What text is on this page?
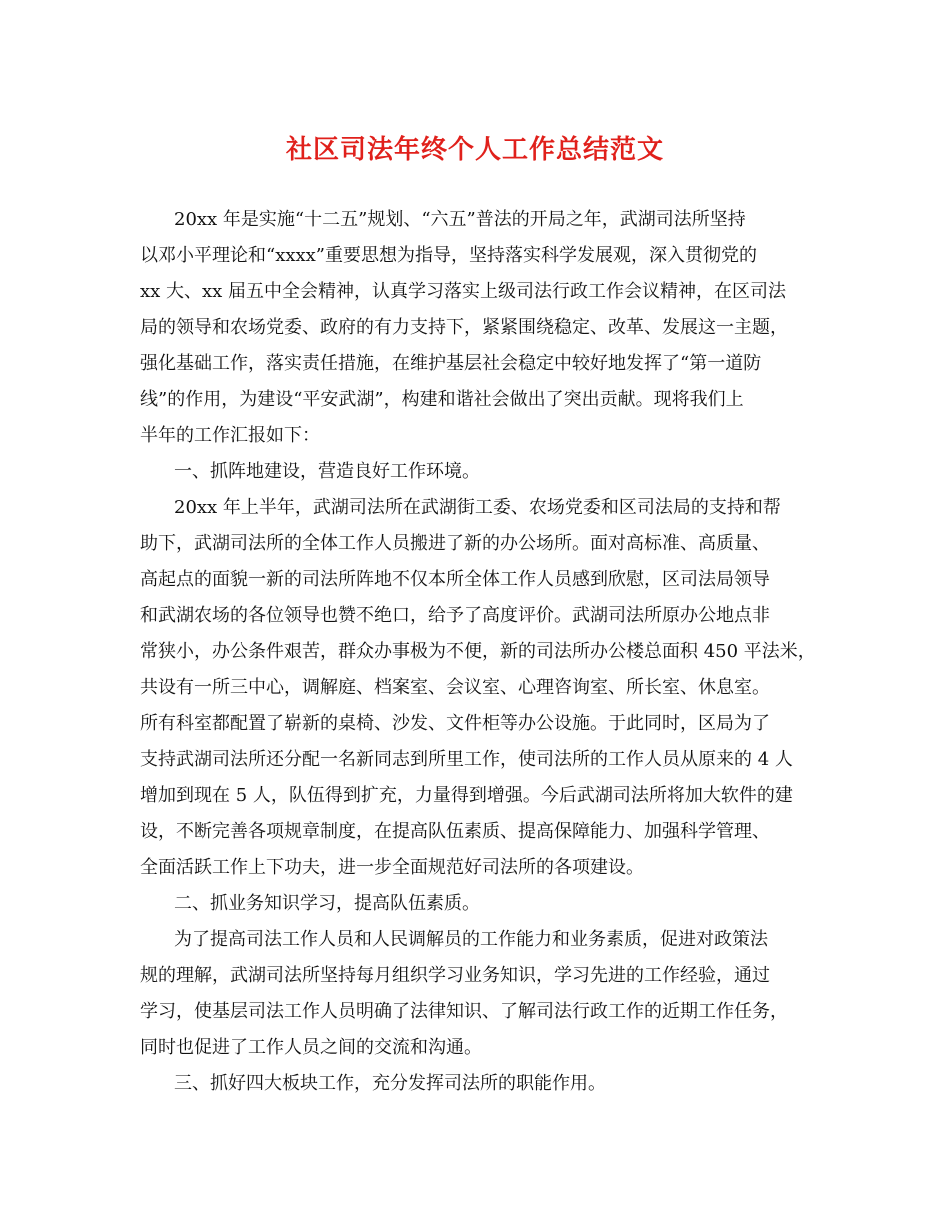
社区司法年终个人工作总结范文

20xx 年是实施“十二五”规划、“六五”普法的开局之年，武湖司法所坚持

以邓小平理论和“xxxx”重要思想为指导，坚持落实科学发展观，深入贯彻党的

xx 大、xx 届五中全会精神，认真学习落实上级司法行政工作会议精神，在区司法

局的领导和农场党委、政府的有力支持下，紧紧围绕稳定、改革、发展这一主题，

强化基础工作，落实责任措施，在维护基层社会稳定中较好地发挥了“第一道防

线”的作用，为建设“平安武湖”，构建和谐社会做出了突出贡献。现将我们上

半年的工作汇报如下：

一、抓阵地建设，营造良好工作环境。

20xx 年上半年，武湖司法所在武湖街工委、农场党委和区司法局的支持和帮

助下，武湖司法所的全体工作人员搬进了新的办公场所。面对高标准、高质量、

高起点的面貌一新的司法所阵地不仅本所全体工作人员感到欣慰，区司法局领导

和武湖农场的各位领导也赞不绝口，给予了高度评价。武湖司法所原办公地点非

常狭小，办公条件艰苦，群众办事极为不便，新的司法所办公楼总面积 450 平法米，

共设有一所三中心，调解庭、档案室、会议室、心理咨询室、所长室、休息室。

所有科室都配置了崭新的桌椅、沙发、文件柜等办公设施。于此同时，区局为了

支持武湖司法所还分配一名新同志到所里工作，使司法所的工作人员从原来的 4 人

增加到现在 5 人，队伍得到扩充，力量得到增强。今后武湖司法所将加大软件的建

设，不断完善各项规章制度，在提高队伍素质、提高保障能力、加强科学管理、

全面活跃工作上下功夫，进一步全面规范好司法所的各项建设。

二、抓业务知识学习，提高队伍素质。

为了提高司法工作人员和人民调解员的工作能力和业务素质，促进对政策法

规的理解，武湖司法所坚持每月组织学习业务知识，学习先进的工作经验，通过

学习，使基层司法工作人员明确了法律知识、了解司法行政工作的近期工作任务，

同时也促进了工作人员之间的交流和沟通。

三、抓好四大板块工作，充分发挥司法所的职能作用。
